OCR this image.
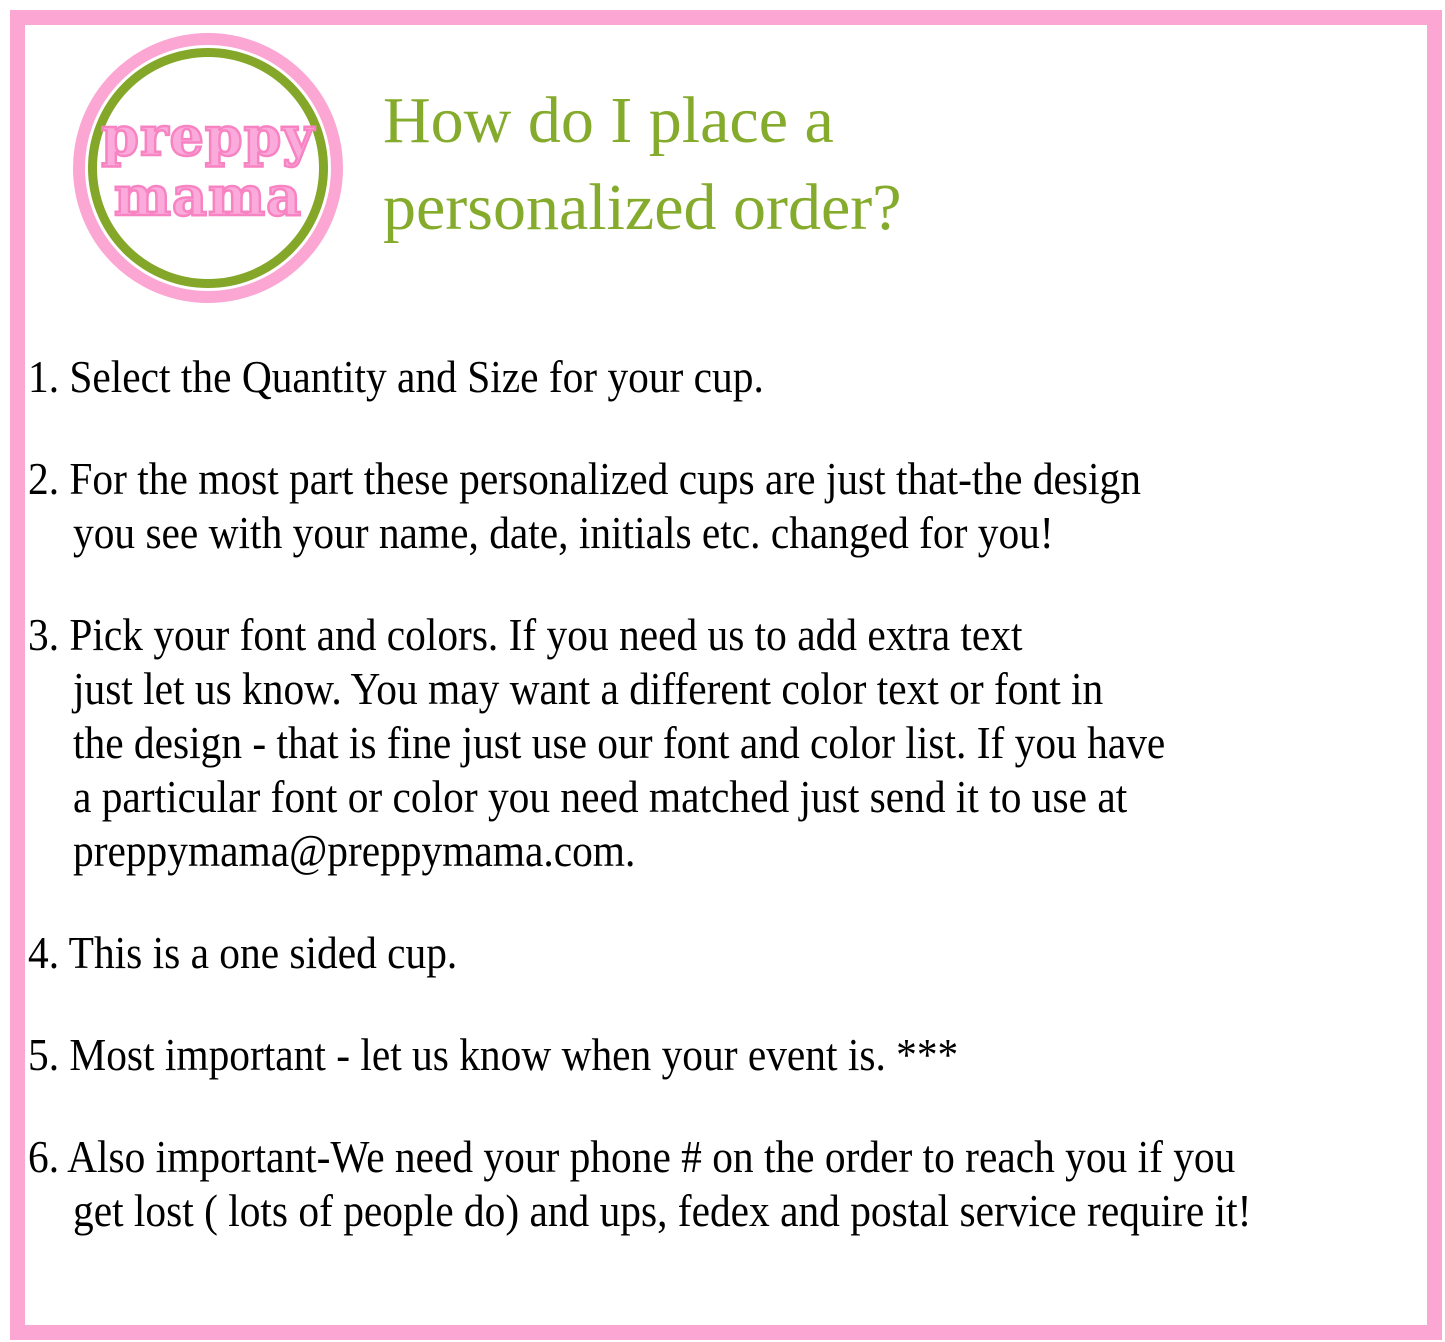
preppy
mama
How do I place a
personalized order?
1. Select the Quantity and Size for your cup.
2. For the most part these personalized cups are just that-the design
you see with your name, date, initials etc. changed for you!
3. Pick your font and colors. If you need us to add extra text
just let us know. You may want a different color text or font in
the design - that is fine just use our font and color list. If you have
a particular font or color you need matched just send it to use at
preppymama@preppymama.com.
4. This is a one sided cup.
5. Most important - let us know when your event is. ***
6. Also important-We need your phone # on the order to reach you if you
get lost ( lots of people do) and ups, fedex and postal service require it!
